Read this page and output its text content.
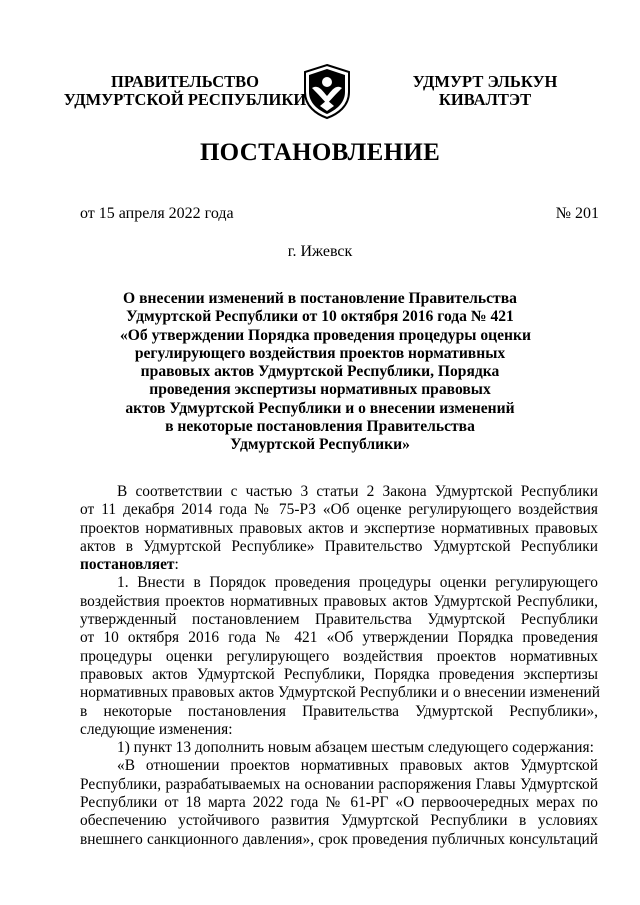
ПРАВИТЕЛЬСТВО
УДМУРТСКОЙ РЕСПУБЛИКИ
УДМУРТ ЭЛЬКУН
КИВАЛТЭТ
ПОСТАНОВЛЕНИЕ
от 15 апреля 2022 года	№ 201
г. Ижевск
О внесении изменений в постановление Правительства
Удмуртской Республики от 10 октября 2016 года № 421
«Об утверждении Порядка проведения процедуры оценки
регулирующего воздействия проектов нормативных
правовых актов Удмуртской Республики, Порядка
проведения экспертизы нормативных правовых
актов Удмуртской Республики и о внесении изменений
в некоторые постановления Правительства
Удмуртской Республики»
В соответствии с частью 3 статьи 2 Закона Удмуртской Республики
от 11 декабря 2014 года № 75-РЗ «Об оценке регулирующего воздействия
проектов нормативных правовых актов и экспертизе нормативных правовых
актов в Удмуртской Республике» Правительство Удмуртской Республики
постановляет:
1. Внести в Порядок проведения процедуры оценки регулирующего
воздействия проектов нормативных правовых актов Удмуртской Республики,
утвержденный постановлением Правительства Удмуртской Республики
от 10 октября 2016 года № 421 «Об утверждении Порядка проведения
процедуры оценки регулирующего воздействия проектов нормативных
правовых актов Удмуртской Республики, Порядка проведения экспертизы
нормативных правовых актов Удмуртской Республики и о внесении изменений
в некоторые постановления Правительства Удмуртской Республики»,
следующие изменения:
1) пункт 13 дополнить новым абзацем шестым следующего содержания:
«В отношении проектов нормативных правовых актов Удмуртской
Республики, разрабатываемых на основании распоряжения Главы Удмуртской
Республики от 18 марта 2022 года № 61-РГ «О первоочередных мерах по
обеспечению устойчивого развития Удмуртской Республики в условиях
внешнего санкционного давления», срок проведения публичных консультаций
